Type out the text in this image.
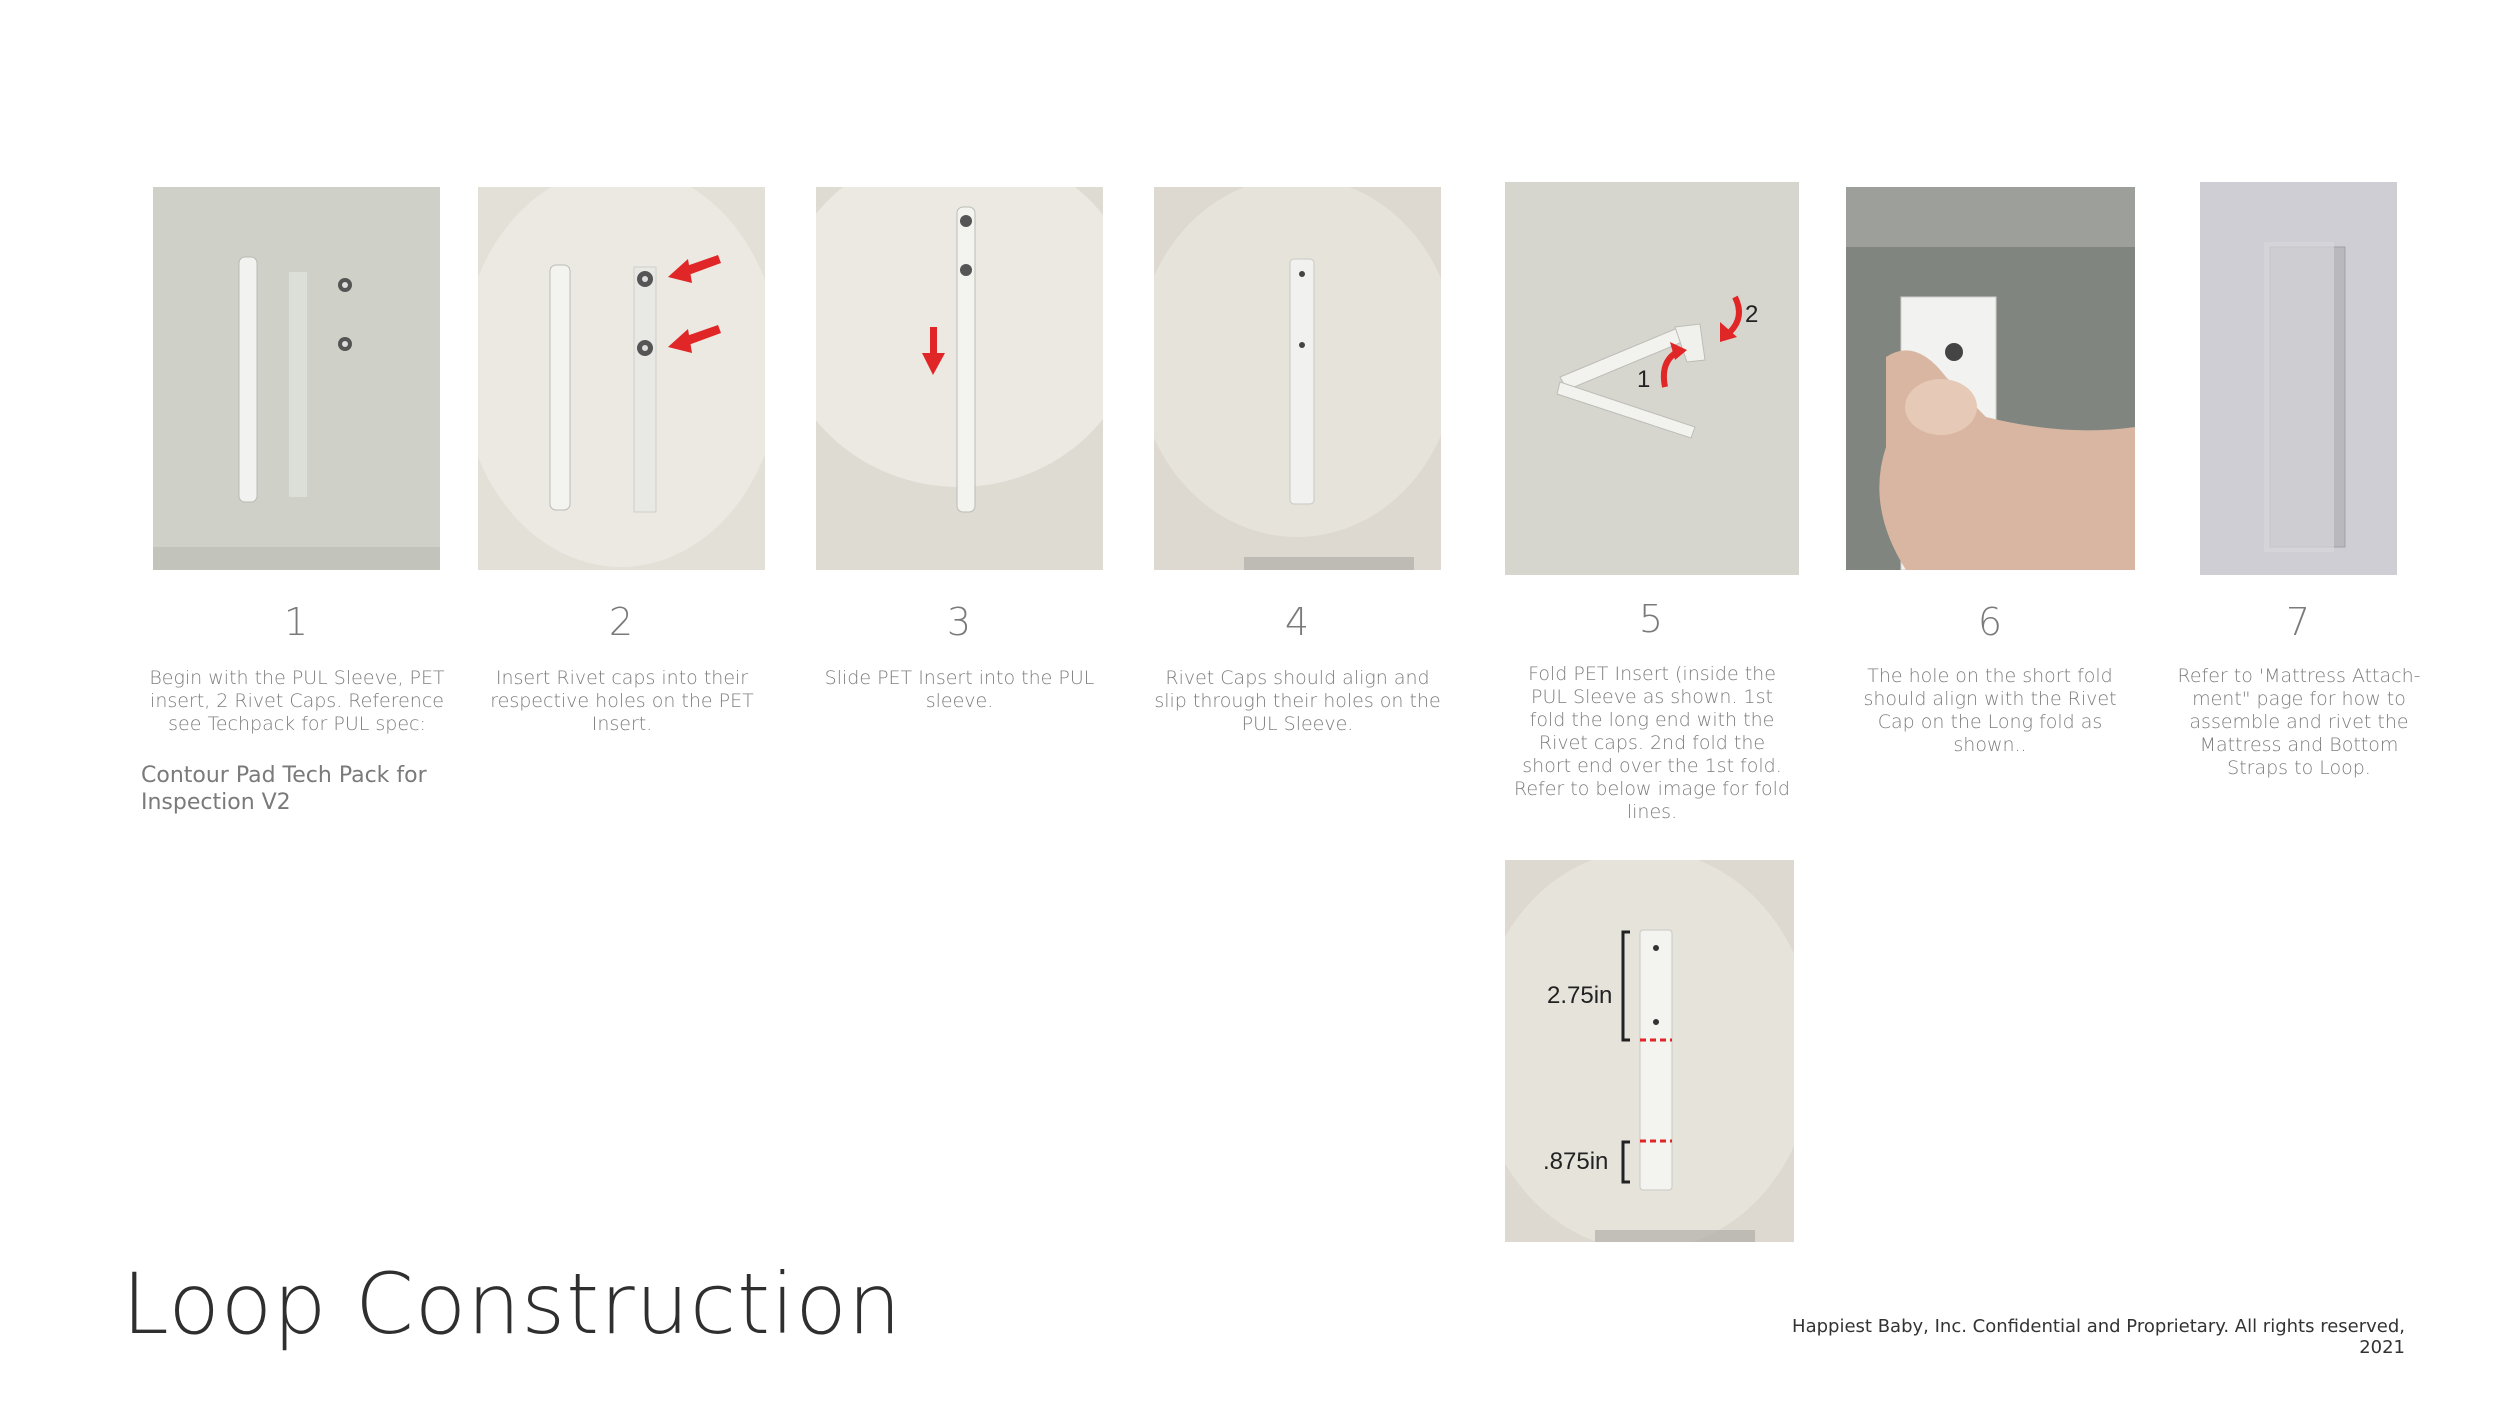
1
2
2.75in
.875in
1	2	3	4	5	6	7
Begin with the PUL Sleeve, PET insert, 2 Rivet Caps. Reference see Techpack for PUL spec:
Insert Rivet caps into their respective holes on the PET Insert.
Slide PET Insert into the PUL sleeve.
Rivet Caps should align and slip through their holes on the PUL Sleeve.
Fold PET Insert (inside the PUL Sleeve as shown. 1st fold the long end with the Rivet caps. 2nd fold the short end over the 1st fold. Refer to below image for fold lines.
The hole on the short fold should align with the Rivet Cap on the Long fold as shown..
Refer to 'Mattress Attach-ment" page for how to assemble and rivet the Mattress and Bottom Straps to Loop.
Contour Pad Tech Pack for Inspection V2
Loop Construction	Happiest Baby, Inc. Confidential and Proprietary. All rights reserved, 2021
